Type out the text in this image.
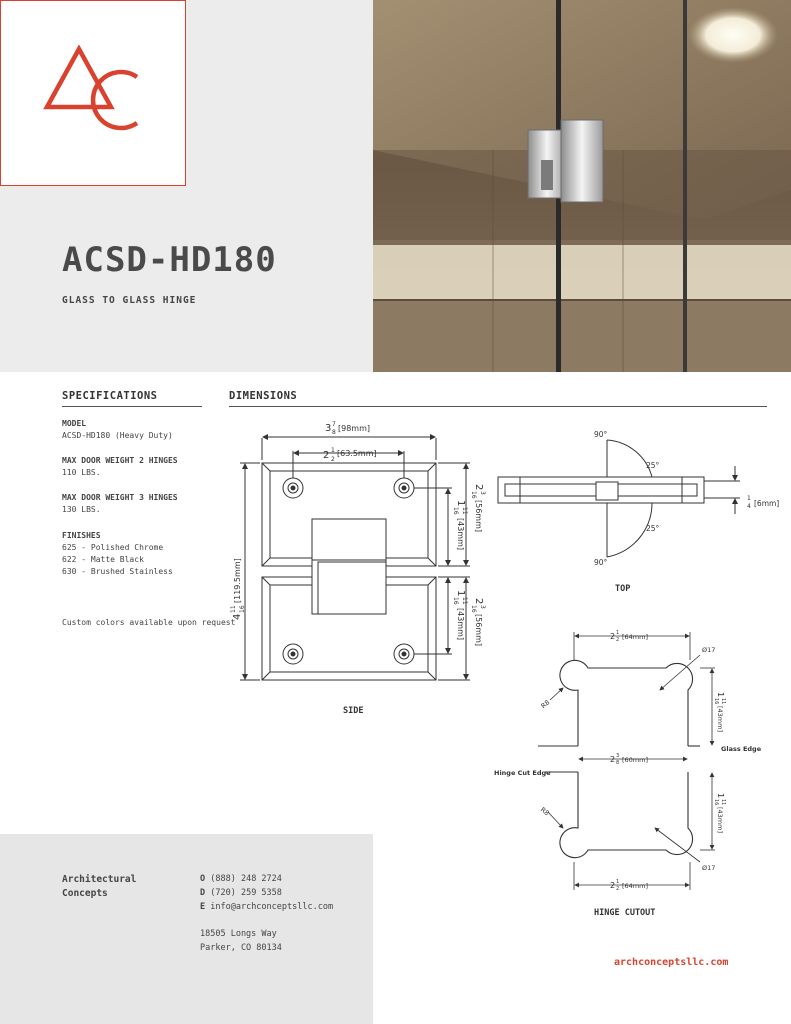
ACSD-HD180
GLASS TO GLASS HINGE
SPECIFICATIONS	DIMENSIONS
MODEL
ACSD-HD180 (Heavy Duty)
MAX DOOR WEIGHT 2 HINGES
110 LBS.
MAX DOOR WEIGHT 3 HINGES
130 LBS.
FINISHES
625 - Polished Chrome
622 - Matte Black
630 - Brushed Stainless
Custom colors available upon request
3 7
8 [98mm]
2 1
2
[63.5mm]
4
11 16
[119.5mm]
2
3
16
[56mm]
1
11
16
[43mm]
2
3
16
[56mm]
1
11
16
[43mm]
SIDE
90°
25°
25°
90°
1
4 [6mm]
TOP
2 1
2 [64mm]
2 3
8 [60mm]
2 1
2 [64mm]
Ø17
Ø17
R8
R8
1
11
16
[43mm]
1
11
16
[43mm]
Glass Edge
Hinge Cut Edge
HINGE CUTOUT
Architectural
Concepts
O (888) 248 2724
D (720) 259 5358
E info@archconceptsllc.com
18505 Longs Way
Parker, CO 80134
archconceptsllc.com
